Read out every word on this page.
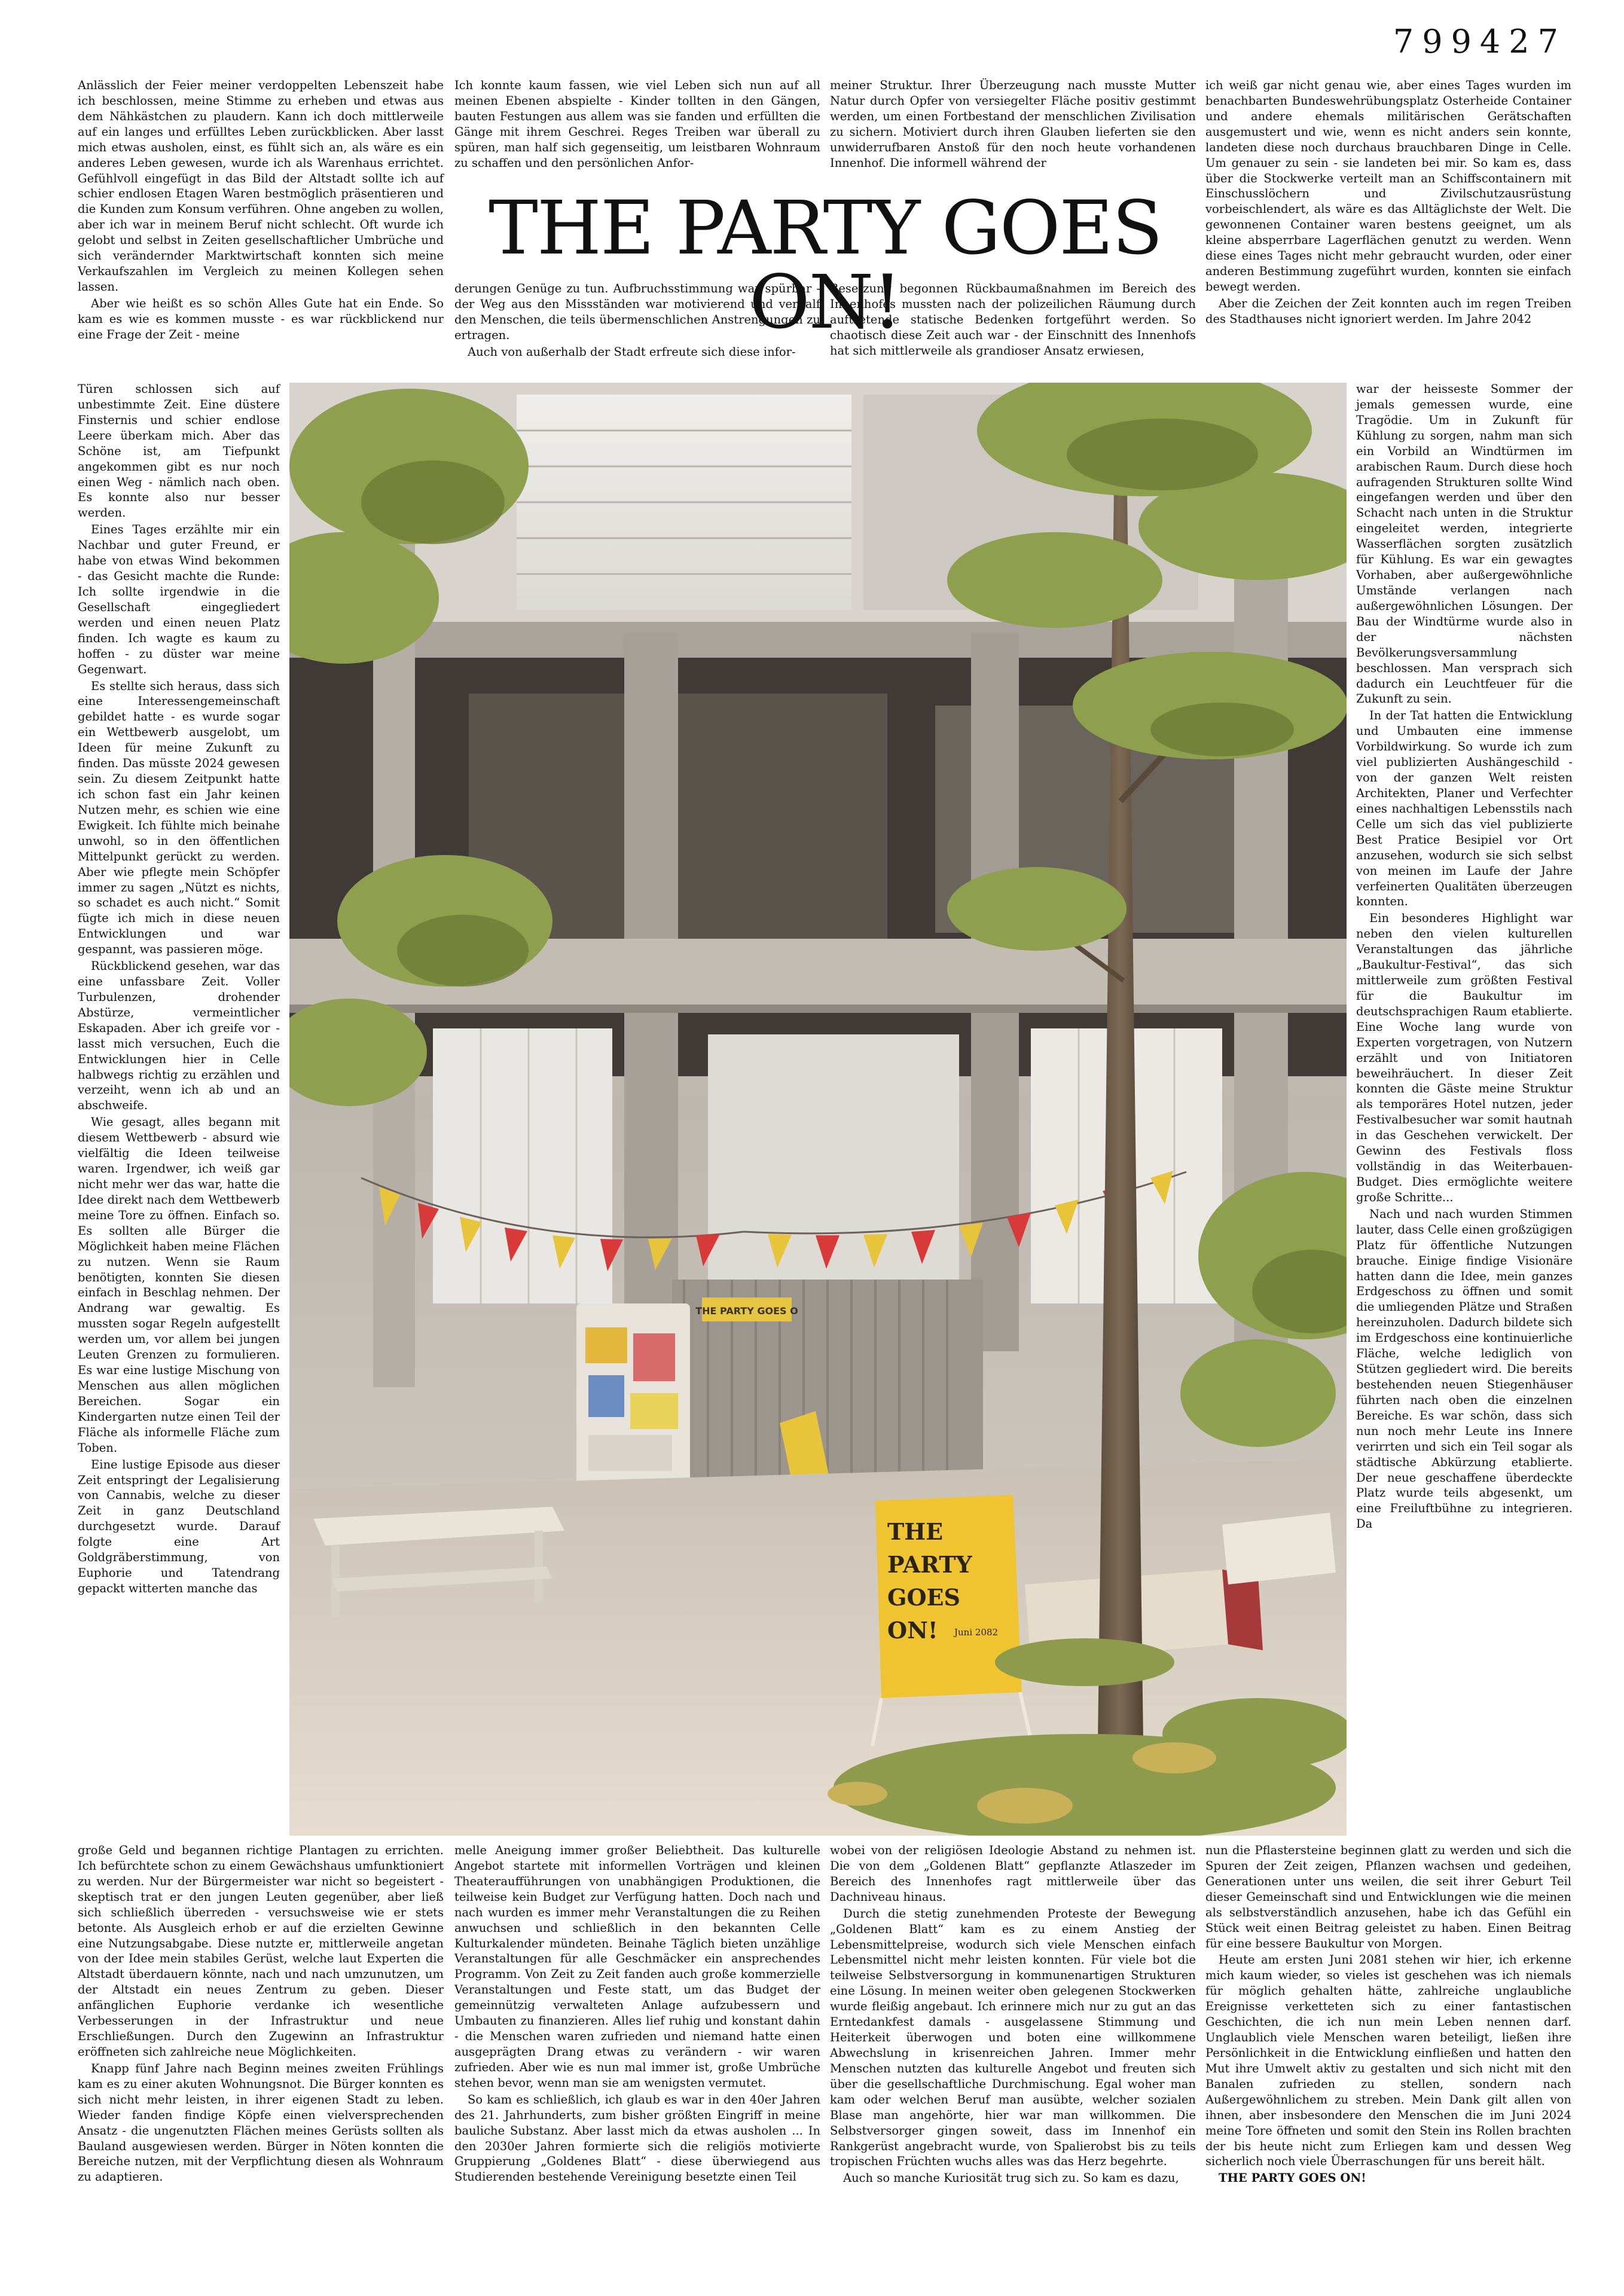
799427

Anlässlich der Feier meiner verdoppelten Lebenszeit habe ich beschlossen, meine Stimme zu erheben und etwas aus dem Nähkästchen zu plaudern. Kann ich doch mittlerweile auf ein langes und erfülltes Leben zurückblicken. Aber lasst mich etwas ausholen, einst, es fühlt sich an, als wäre es ein anderes Leben gewesen, wurde ich als Warenhaus errichtet. Gefühlvoll eingefügt in das Bild der Altstadt sollte ich auf schier endlosen Etagen Waren bestmöglich präsentieren und die Kunden zum Konsum verführen. Ohne angeben zu wollen, aber ich war in meinem Beruf nicht schlecht. Oft wurde ich gelobt und selbst in Zeiten gesellschaftlicher Umbrüche und sich verändernder Marktwirtschaft konnten sich meine Verkaufszahlen im Vergleich zu meinen Kollegen sehen lassen.

Aber wie heißt es so schön Alles Gute hat ein Ende. So kam es wie es kommen musste - es war rückblickend nur eine Frage der Zeit - meine

Ich konnte kaum fassen, wie viel Leben sich nun auf all meinen Ebenen abspielte - Kinder tollten in den Gängen, bauten Festungen aus allem was sie fanden und erfüllten die Gänge mit ihrem Geschrei. Reges Treiben war überall zu spüren, man half sich gegenseitig, um leistbaren Wohnraum zu schaffen und den persönlichen Anfor-

THE PARTY GOES ON!

derungen Genüge zu tun. Aufbruchsstimmung war spürbar - der Weg aus den Missständen war motivierend und verhalf den Menschen, die teils übermenschlichen Anstrengungen zu ertragen.

Auch von außerhalb der Stadt erfreute sich diese infor-

meiner Struktur. Ihrer Überzeugung nach musste Mutter Natur durch Opfer von versiegelter Fläche positiv gestimmt werden, um einen Fortbestand der menschlichen Zivilisation zu sichern. Motiviert durch ihren Glauben lieferten sie den unwiderrufbaren Anstoß für den noch heute vorhandenen Innenhof. Die informell während der

Besetzung begonnen Rückbaumaßnahmen im Bereich des Innenhofes mussten nach der polizeilichen Räumung durch auftretende statische Bedenken fortgeführt werden. So chaotisch diese Zeit auch war - der Einschnitt des Innenhofs hat sich mittlerweile als grandioser Ansatz erwiesen,

ich weiß gar nicht genau wie, aber eines Tages wurden im benachbarten Bundeswehrübungsplatz Osterheide Container und andere ehemals militärischen Gerätschaften ausgemustert und wie, wenn es nicht anders sein konnte, landeten diese noch durchaus brauchbaren Dinge in Celle. Um genauer zu sein - sie landeten bei mir. So kam es, dass über die Stockwerke verteilt man an Schiffscontainern mit Einschusslöchern und Zivilschutzausrüstung vorbeischlendert, als wäre es das Alltäglichste der Welt. Die gewonnenen Container waren bestens geeignet, um als kleine absperrbare Lagerflächen genutzt zu werden. Wenn diese eines Tages nicht mehr gebraucht wurden, oder einer anderen Bestimmung zugeführt wurden, konnten sie einfach bewegt werden.

Aber die Zeichen der Zeit konnten auch im regen Treiben des Stadthauses nicht ignoriert werden. Im Jahre 2042

Türen schlossen sich auf unbestimmte Zeit. Eine düstere Finsternis und schier endlose Leere überkam mich. Aber das Schöne ist, am Tiefpunkt angekommen gibt es nur noch einen Weg - nämlich nach oben. Es konnte also nur besser werden.

Eines Tages erzählte mir ein Nachbar und guter Freund, er habe von etwas Wind bekommen - das Gesicht machte die Runde: Ich sollte irgendwie in die Gesellschaft eingegliedert werden und einen neuen Platz finden. Ich wagte es kaum zu hoffen - zu düster war meine Gegenwart.

Es stellte sich heraus, dass sich eine Interessengemeinschaft gebildet hatte - es wurde sogar ein Wettbewerb ausgelobt, um Ideen für meine Zukunft zu finden. Das müsste 2024 gewesen sein. Zu diesem Zeitpunkt hatte ich schon fast ein Jahr keinen Nutzen mehr, es schien wie eine Ewigkeit. Ich fühlte mich beinahe unwohl, so in den öffentlichen Mittelpunkt gerückt zu werden. Aber wie pflegte mein Schöpfer immer zu sagen „Nützt es nichts, so schadet es auch nicht.“ Somit fügte ich mich in diese neuen Entwicklungen und war gespannt, was passieren möge.

Rückblickend gesehen, war das eine unfassbare Zeit. Voller Turbulenzen, drohender Abstürze, vermeintlicher Eskapaden. Aber ich greife vor - lasst mich versuchen, Euch die Entwicklungen hier in Celle halbwegs richtig zu erzählen und verzeiht, wenn ich ab und an abschweife.

Wie gesagt, alles begann mit diesem Wettbewerb - absurd wie vielfältig die Ideen teilweise waren. Irgendwer, ich weiß gar nicht mehr wer das war, hatte die Idee direkt nach dem Wettbewerb meine Tore zu öffnen. Einfach so. Es sollten alle Bürger die Möglichkeit haben meine Flächen zu nutzen. Wenn sie Raum benötigten, konnten Sie diesen einfach in Beschlag nehmen. Der Andrang war gewaltig. Es mussten sogar Regeln aufgestellt werden um, vor allem bei jungen Leuten Grenzen zu formulieren. Es war eine lustige Mischung von Menschen aus allen möglichen Bereichen. Sogar ein Kindergarten nutze einen Teil der Fläche als informelle Fläche zum Toben.

Eine lustige Episode aus dieser Zeit entspringt der Legalisierung von Cannabis, welche zu dieser Zeit in ganz Deutschland durchgesetzt wurde. Darauf folgte eine Art Goldgräberstimmung, von Euphorie und Tatendrang gepackt witterten manche das

war der heisseste Sommer der jemals gemessen wurde, eine Tragödie. Um in Zukunft für Kühlung zu sorgen, nahm man sich ein Vorbild an Windtürmen im arabischen Raum. Durch diese hoch aufragenden Strukturen sollte Wind eingefangen werden und über den Schacht nach unten in die Struktur eingeleitet werden, integrierte Wasserflächen sorgten zusätzlich für Kühlung. Es war ein gewagtes Vorhaben, aber außergewöhnliche Umstände verlangen nach außergewöhnlichen Lösungen. Der Bau der Windtürme wurde also in der nächsten Bevölkerungsversammlung beschlossen. Man versprach sich dadurch ein Leuchtfeuer für die Zukunft zu sein.

In der Tat hatten die Entwicklung und Umbauten eine immense Vorbildwirkung. So wurde ich zum viel publizierten Aushängeschild - von der ganzen Welt reisten Architekten, Planer und Verfechter eines nachhaltigen Lebensstils nach Celle um sich das viel publizierte Best Pratice Besipiel vor Ort anzusehen, wodurch sie sich selbst von meinen im Laufe der Jahre verfeinerten Qualitäten überzeugen konnten.

Ein besonderes Highlight war neben den vielen kulturellen Veranstaltungen das jährliche „Baukultur-Festival“, das sich mittlerweile zum größten Festival für die Baukultur im deutschsprachigen Raum etablierte. Eine Woche lang wurde von Experten vorgetragen, von Nutzern erzählt und von Initiatoren beweihräuchert. In dieser Zeit konnten die Gäste meine Struktur als temporäres Hotel nutzen, jeder Festivalbesucher war somit hautnah in das Geschehen verwickelt. Der Gewinn des Festivals floss vollständig in das Weiterbauen-Budget. Dies ermöglichte weitere große Schritte...

Nach und nach wurden Stimmen lauter, dass Celle einen großzügigen Platz für öffentliche Nutzungen brauche. Einige findige Visionäre hatten dann die Idee, mein ganzes Erdgeschoss zu öffnen und somit die umliegenden Plätze und Straßen hereinzuholen. Dadurch bildete sich im Erdgeschoss eine kontinuierliche Fläche, welche lediglich von Stützen gegliedert wird. Die bereits bestehenden neuen Stiegenhäuser führten nach oben die einzelnen Bereiche. Es war schön, dass sich nun noch mehr Leute ins Innere verirrten und sich ein Teil sogar als städtische Abkürzung etablierte. Der neue geschaffene überdeckte Platz wurde teils abgesenkt, um eine Freiluftbühne zu integrieren. Da

THE PARTY GOES O
THE
PARTY
GOES
ON! Juni 2082

große Geld und begannen richtige Plantagen zu errichten. Ich befürchtete schon zu einem Gewächshaus umfunktioniert zu werden. Nur der Bürgermeister war nicht so begeistert - skeptisch trat er den jungen Leuten gegenüber, aber ließ sich schließlich überreden - versuchsweise wie er stets betonte. Als Ausgleich erhob er auf die erzielten Gewinne eine Nutzungsabgabe. Diese nutzte er, mittlerweile angetan von der Idee mein stabiles Gerüst, welche laut Experten die Altstadt überdauern könnte, nach und nach umzunutzen, um der Altstadt ein neues Zentrum zu geben. Dieser anfänglichen Euphorie verdanke ich wesentliche Verbesserungen in der Infrastruktur und neue Erschließungen. Durch den Zugewinn an Infrastruktur eröffneten sich zahlreiche neue Möglichkeiten.

Knapp fünf Jahre nach Beginn meines zweiten Frühlings kam es zu einer akuten Wohnungsnot. Die Bürger konnten es sich nicht mehr leisten, in ihrer eigenen Stadt zu leben. Wieder fanden findige Köpfe einen vielversprechenden Ansatz - die ungenutzten Flächen meines Gerüsts sollten als Bauland ausgewiesen werden. Bürger in Nöten konnten die Bereiche nutzen, mit der Verpflichtung diesen als Wohnraum zu adaptieren.

melle Aneigung immer großer Beliebtheit. Das kulturelle Angebot startete mit informellen Vorträgen und kleinen Theateraufführungen von unabhängigen Produktionen, die teilweise kein Budget zur Verfügung hatten. Doch nach und nach wurden es immer mehr Veranstaltungen die zu Reihen anwuchsen und schließlich in den bekannten Celle Kulturkalender mündeten. Beinahe Täglich bieten unzählige Veranstaltungen für alle Geschmäcker ein ansprechendes Programm. Von Zeit zu Zeit fanden auch große kommerzielle Veranstaltungen und Feste statt, um das Budget der gemeinnützig verwalteten Anlage aufzubessern und Umbauten zu finanzieren. Alles lief ruhig und konstant dahin - die Menschen waren zufrieden und niemand hatte einen ausgeprägten Drang etwas zu verändern - wir waren zufrieden. Aber wie es nun mal immer ist, große Umbrüche stehen bevor, wenn man sie am wenigsten vermutet.

So kam es schließlich, ich glaub es war in den 40er Jahren des 21. Jahrhunderts, zum bisher größten Eingriff in meine bauliche Substanz. Aber lasst mich da etwas ausholen ... In den 2030er Jahren formierte sich die religiös motivierte Gruppierung „Goldenes Blatt“ - diese überwiegend aus Studierenden bestehende Vereinigung besetzte einen Teil

wobei von der religiösen Ideologie Abstand zu nehmen ist. Die von dem „Goldenen Blatt“ gepflanzte Atlaszeder im Bereich des Innenhofes ragt mittlerweile über das Dachniveau hinaus.

Durch die stetig zunehmenden Proteste der Bewegung „Goldenen Blatt“ kam es zu einem Anstieg der Lebensmittelpreise, wodurch sich viele Menschen einfach Lebensmittel nicht mehr leisten konnten. Für viele bot die teilweise Selbstversorgung in kommunenartigen Strukturen eine Lösung. In meinen weiter oben gelegenen Stockwerken wurde fleißig angebaut. Ich erinnere mich nur zu gut an das Erntedankfest damals - ausgelassene Stimmung und Heiterkeit überwogen und boten eine willkommene Abwechslung in krisenreichen Jahren. Immer mehr Menschen nutzten das kulturelle Angebot und freuten sich über die gesellschaftliche Durchmischung. Egal woher man kam oder welchen Beruf man ausübte, welcher sozialen Blase man angehörte, hier war man willkommen. Die Selbstversorger gingen soweit, dass im Innenhof ein Rankgerüst angebracht wurde, von Spalierobst bis zu teils tropischen Früchten wuchs alles was das Herz begehrte.

Auch so manche Kuriosität trug sich zu. So kam es dazu,

nun die Pflastersteine beginnen glatt zu werden und sich die Spuren der Zeit zeigen, Pflanzen wachsen und gedeihen, Generationen unter uns weilen, die seit ihrer Geburt Teil dieser Gemeinschaft sind und Entwicklungen wie die meinen als selbstverständlich anzusehen, habe ich das Gefühl ein Stück weit einen Beitrag geleistet zu haben. Einen Beitrag für eine bessere Baukultur von Morgen.

Heute am ersten Juni 2081 stehen wir hier, ich erkenne mich kaum wieder, so vieles ist geschehen was ich niemals für möglich gehalten hätte, zahlreiche unglaubliche Ereignisse verketteten sich zu einer fantastischen Geschichten, die ich nun mein Leben nennen darf. Unglaublich viele Menschen waren beteiligt, ließen ihre Persönlichkeit in die Entwicklung einfließen und hatten den Mut ihre Umwelt aktiv zu gestalten und sich nicht mit den Banalen zufrieden zu stellen, sondern nach Außergewöhnlichem zu streben. Mein Dank gilt allen von ihnen, aber insbesondere den Menschen die im Juni 2024 meine Tore öffneten und somit den Stein ins Rollen brachten der bis heute nicht zum Erliegen kam und dessen Weg sicherlich noch viele Überraschungen für uns bereit hält.

THE PARTY GOES ON!
